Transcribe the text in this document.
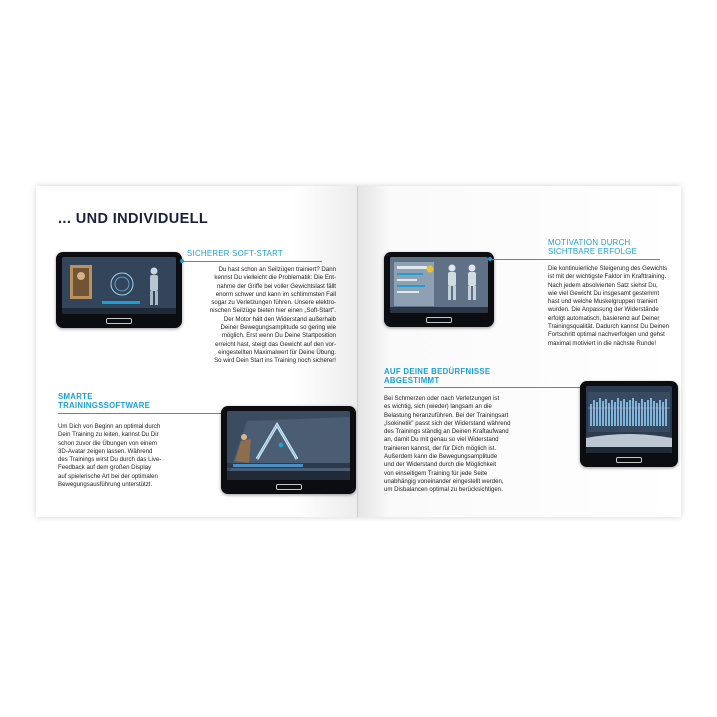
... UND INDIVIDUELL
SICHERER SOFT-START
Du hast schon an Seilzügen trainiert? Dann
kennst Du vielleicht die Problematik: Die Ent-
nahme der Griffe bei voller Gewichtslast fällt
enorm schwer und kann im schlimmsten Fall
sogar zu Verletzungen führen. Unsere elektro-
nischen Seilzüge bieten hier einen „Soft-Start".
Der Motor hält den Widerstand außerhalb
Deiner Bewegungsamplitude so gering wie
möglich. Erst wenn Du Deine Startposition
erreicht hast, steigt das Gewicht auf den vor-
eingestellten Maximalwert für Deine Übung.
So wird Dein Start ins Training noch sicherer!
SMARTE
TRAININGSSOFTWARE
Um Dich von Beginn an optimal durch
Dein Training zu leiten, kannst Du Dir
schon zuvor die Übungen von einem
3D-Avatar zeigen lassen. Während
des Trainings wirst Du durch das Live-
Feedback auf dem großen Display
auf spielerische Art bei der optimalen
Bewegungsausführung unterstützt.
MOTIVATION DURCH
SICHTBARE ERFOLGE
Die kontinuierliche Steigerung des Gewichts
ist mit der wichtigste Faktor im Krafttraining.
Nach jedem absolvierten Satz siehst Du,
wie viel Gewicht Du insgesamt gestemmt
hast und welche Muskelgruppen trainiert
wurden. Die Anpassung der Widerstände
erfolgt automatisch, basierend auf Deiner
Trainingsqualität. Dadurch kannst Du Deinen
Fortschritt optimal nachverfolgen und gehst
maximal motiviert in die nächste Runde!
AUF DEINE BEDÜRFNISSE
ABGESTIMMT
Bei Schmerzen oder nach Verletzungen ist
es wichtig, sich (wieder) langsam an die
Belastung heranzuführen. Bei der Trainingsart
„Isokinetik" passt sich der Widerstand während
des Trainings ständig an Deinen Kraftaufwand
an, damit Du mit genau so viel Widerstand
trainieren kannst, der für Dich möglich ist.
Außerdem kann die Bewegungsamplitude
und der Widerstand durch die Möglichkeit
von einseitigem Training für jede Seite
unabhängig voneinander eingestellt werden,
um Disbalancen optimal zu berücksichtigen.
